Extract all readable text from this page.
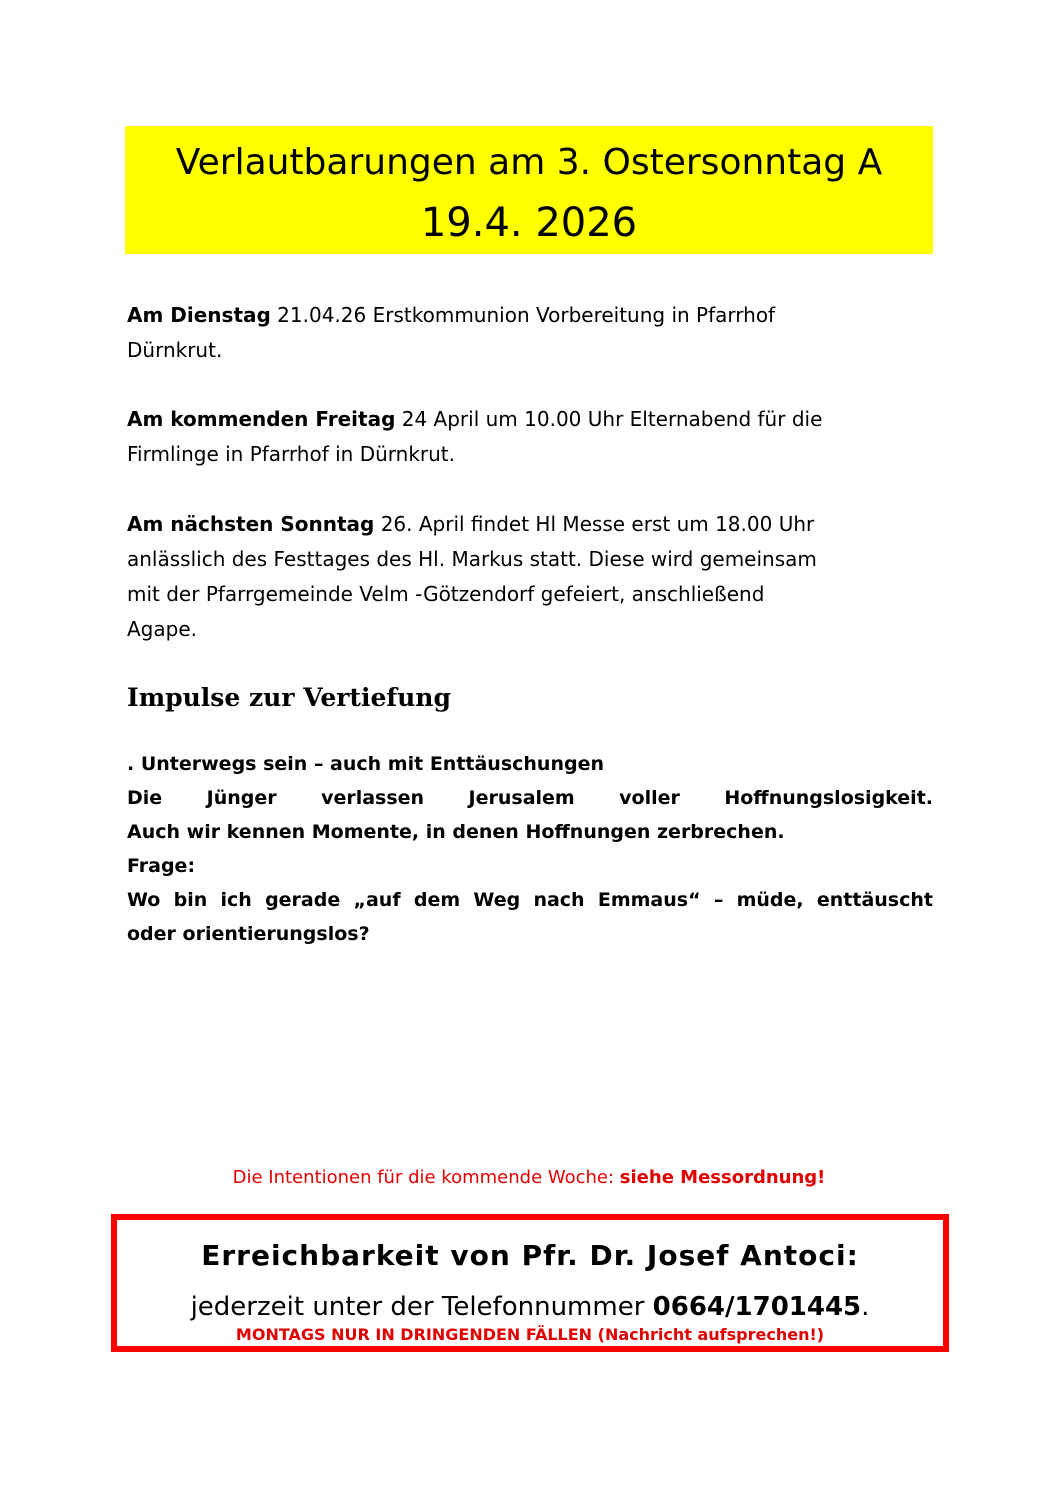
Verlautbarungen am 3. Ostersonntag A
19.4. 2026
Am Dienstag 21.04.26 Erstkommunion Vorbereitung in Pfarrhof
Dürnkrut.
Am kommenden Freitag 24 April um 10.00 Uhr Elternabend für die
Firmlinge in Pfarrhof in Dürnkrut.
Am nächsten Sonntag 26. April findet Hl Messe erst um 18.00 Uhr
anlässlich des Festtages des Hl. Markus statt. Diese wird gemeinsam
mit der Pfarrgemeinde Velm -Götzendorf gefeiert, anschließend
Agape.
Impulse zur Vertiefung
. Unterwegs sein – auch mit Enttäuschungen
Die Jünger verlassen Jerusalem voller Hoffnungslosigkeit.
Auch wir kennen Momente, in denen Hoffnungen zerbrechen.
Frage:
Wo bin ich gerade „auf dem Weg nach Emmaus“ – müde, enttäuscht
oder orientierungslos?
Die Intentionen für die kommende Woche: siehe Messordnung!
Erreichbarkeit von Pfr. Dr. Josef Antoci:
jederzeit unter der Telefonnummer 0664/1701445.
MONTAGS NUR IN DRINGENDEN FÄLLEN (Nachricht aufsprechen!)
